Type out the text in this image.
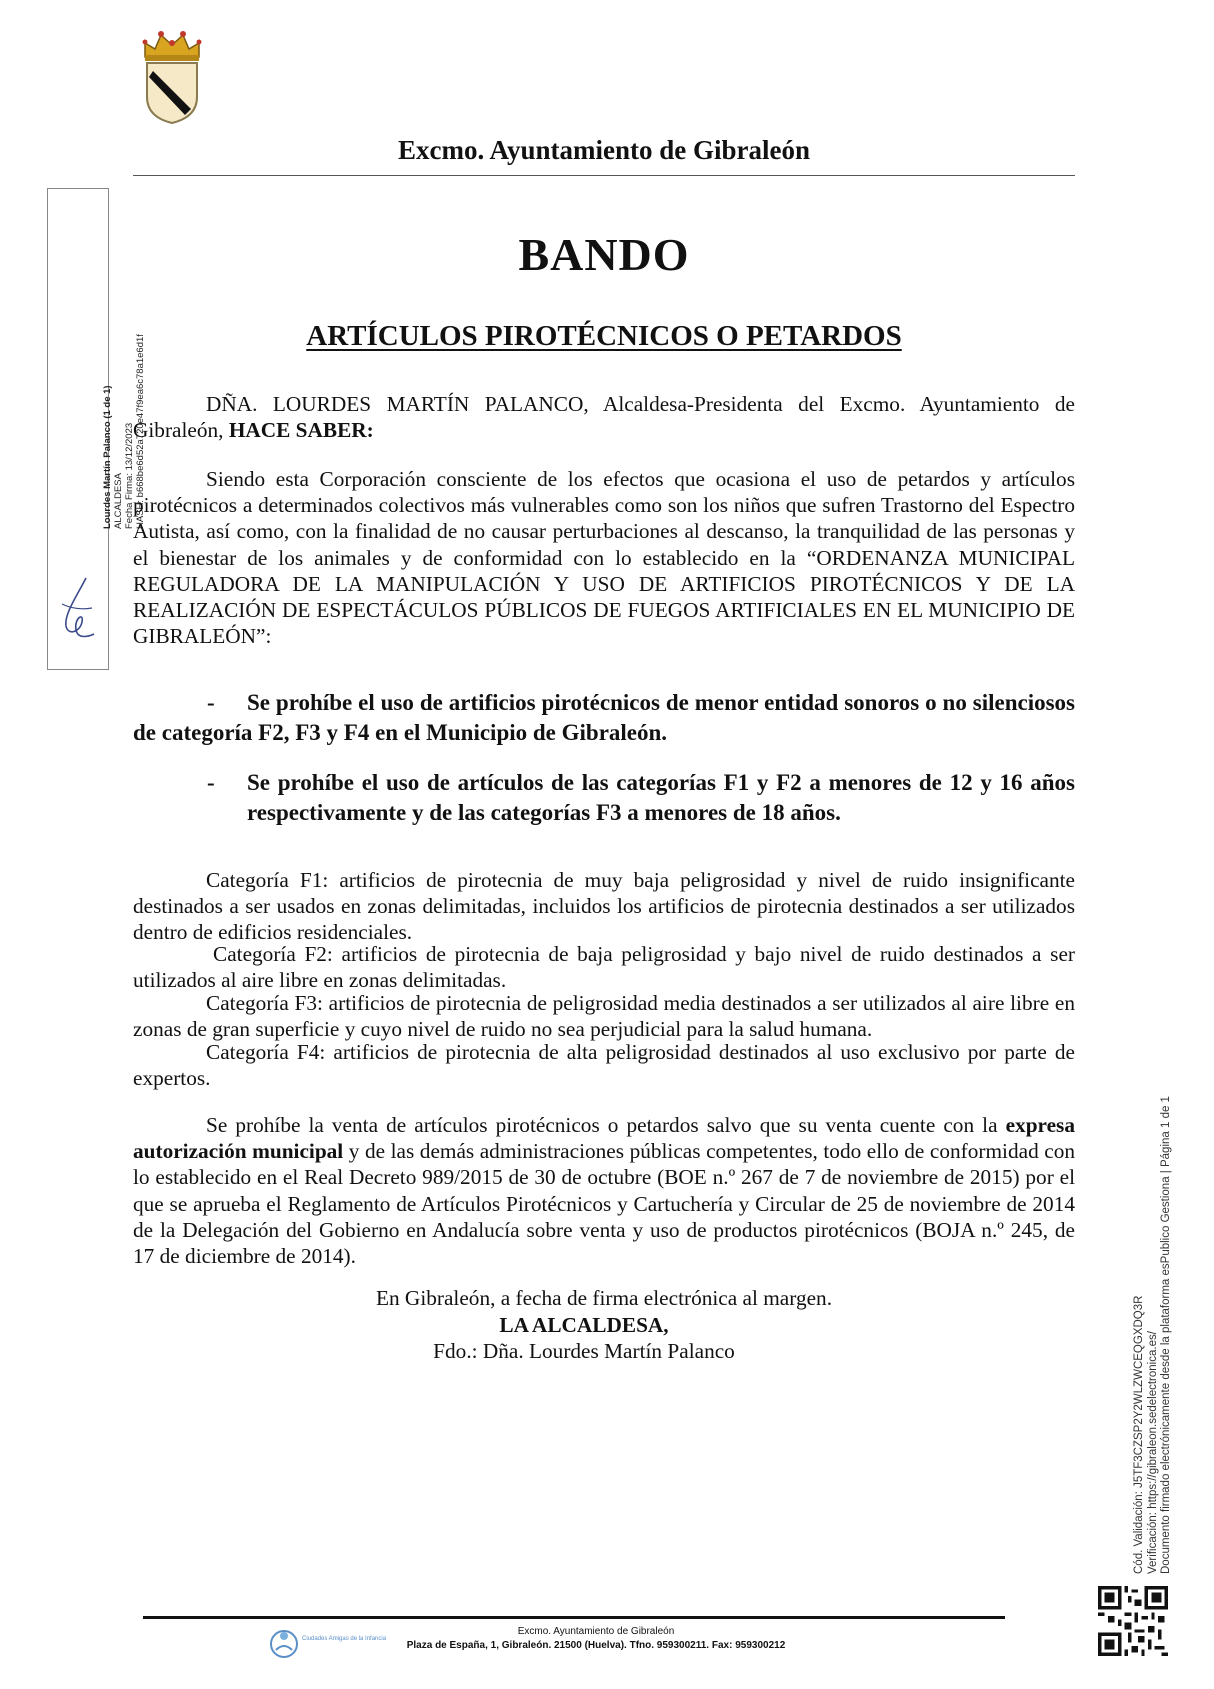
Excmo. Ayuntamiento de Gibraleón
Lourdes Martín Palanco (1 de 1) ALCALDESA Fecha Firma: 13/12/2023 HASH: b668be6d52a720e47f9ea6c78a1e6d1f
BANDO
ARTÍCULOS PIROTÉCNICOS O PETARDOS

DÑA. LOURDES MARTÍN PALANCO, Alcaldesa-Presidenta del Excmo. Ayuntamiento de Gibraleón, HACE SABER:

Siendo esta Corporación consciente de los efectos que ocasiona el uso de petardos y artículos pirotécnicos a determinados colectivos más vulnerables como son los niños que sufren Trastorno del Espectro Autista, así como, con la finalidad de no causar perturbaciones al descanso, la tranquilidad de las personas y el bienestar de los animales y de conformidad con lo establecido en la “ORDENANZA MUNICIPAL REGULADORA DE LA MANIPULACIÓN Y USO DE ARTIFICIOS PIROTÉCNICOS Y DE LA REALIZACIÓN DE ESPECTÁCULOS PÚBLICOS DE FUEGOS ARTIFICIALES EN EL MUNICIPIO DE GIBRALEÓN”:

- Se prohíbe el uso de artificios pirotécnicos de menor entidad sonoros o no silenciosos de categoría F2, F3 y F4 en el Municipio de Gibraleón.
-	Se prohíbe el uso de artículos de las categorías F1 y F2 a menores de 12 y 16 años respectivamente y de las categorías F3 a menores de 18 años.

Categoría F1: artificios de pirotecnia de muy baja peligrosidad y nivel de ruido insignificante destinados a ser usados en zonas delimitadas, incluidos los artificios de pirotecnia destinados a ser utilizados dentro de edificios residenciales.

Categoría F2: artificios de pirotecnia de baja peligrosidad y bajo nivel de ruido destinados a ser utilizados al aire libre en zonas delimitadas.

Categoría F3: artificios de pirotecnia de peligrosidad media destinados a ser utilizados al aire libre en zonas de gran superficie y cuyo nivel de ruido no sea perjudicial para la salud humana.

Categoría F4: artificios de pirotecnia de alta peligrosidad destinados al uso exclusivo por parte de expertos.

Se prohíbe la venta de artículos pirotécnicos o petardos salvo que su venta cuente con la expresa autorización municipal y de las demás administraciones públicas competentes, todo ello de conformidad con lo establecido en el Real Decreto 989/2015 de 30 de octubre (BOE n.º 267 de 7 de noviembre de 2015) por el que se aprueba el Reglamento de Artículos Pirotécnicos y Cartuchería y Circular de 25 de noviembre de 2014 de la Delegación del Gobierno en Andalucía sobre venta y uso de productos pirotécnicos (BOJA n.º 245, de 17 de diciembre de 2014).

En Gibraleón, a fecha de firma electrónica al margen.
LA ALCALDESA,
Fdo.: Dña. Lourdes Martín Palanco	Cód. Validación: J5TF3CZSP2Y2WLZWCEQGXDQ3R Verificación: https://gibraleon.sedelectronica.es/ Documento firmado electrónicamente desde la plataforma esPublico Gestiona | Página 1 de 1
Ciudades Amigas de la Infancia
Excmo. Ayuntamiento de Gibraleón
Plaza de España, 1, Gibraleón. 21500 (Huelva). Tfno. 959300211. Fax: 959300212
